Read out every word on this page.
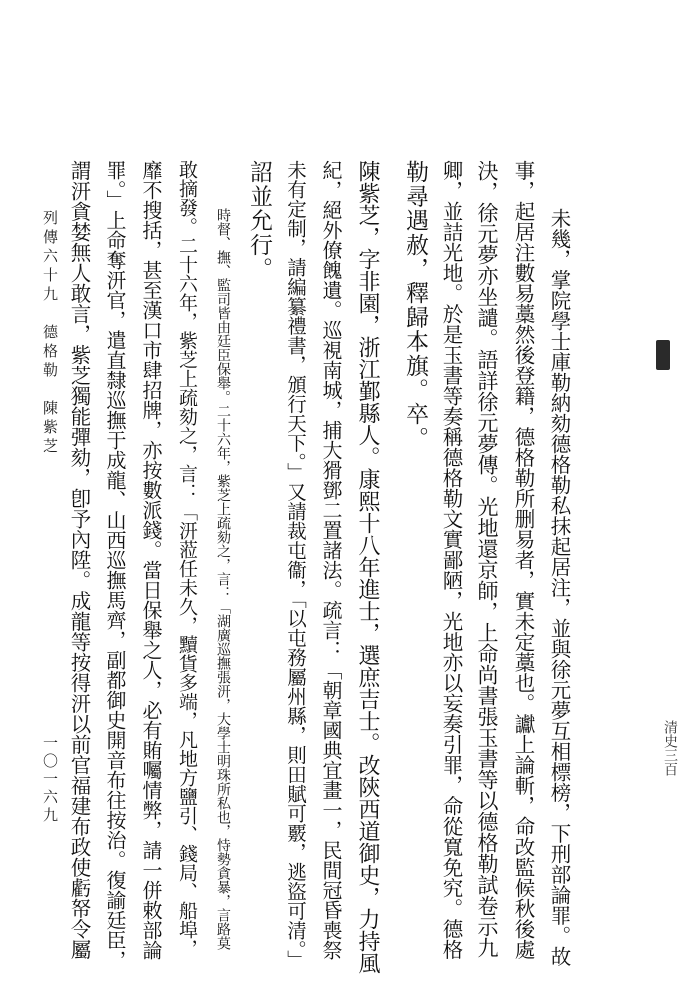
未幾，掌院學士庫勒納劾德格勒私抹起居注，並與徐元夢互相標榜，下刑部論罪。故
事，起居注數易藁然後登籍，德格勒所删易者，實未定藁也。讞上論斬，命改監候秋後處
決，徐元夢亦坐譴。語詳徐元夢傳。光地還京師，上命尚書張玉書等以德格勒試卷示九
卿，並詰光地。於是玉書等奏稱德格勒文實鄙陋，光地亦以妄奏引罪，命從寬免究。德格
勒尋遇赦，釋歸本旗。卒。
陳紫芝，字非園，浙江鄞縣人。康熙十八年進士，選庶吉士。改陝西道御史，力持風
紀，絕外僚餽遺。巡視南城，捕大猾鄧二置諸法。疏言：「朝章國典宜畫一，民間冠昏喪祭
未有定制，請編纂禮書，頒行天下。」又請裁屯衞，「以屯務屬州縣，則田賦可覈，逃盜可清。」
詔並允行。
時督、撫、監司皆由廷臣保舉。二十六年，紫芝上疏劾之，言：「湖廣巡撫張汧，大學士明珠所私也，恃勢貪暴，言路莫
敢摘發。二十六年，紫芝上疏劾之，言：「汧蒞任未久，黷貨多端，凡地方鹽引、錢局、船埠，
靡不搜括，甚至漢口市肆招牌，亦按數派錢。當日保舉之人，必有賄囑情弊，請一併敕部論
罪。」上命奪汧官，遣直隸巡撫于成龍、山西巡撫馬齊，副都御史開音布往按治。復諭廷臣，
謂汧貪婪無人敢言，紫芝獨能彈劾，卽予內陞。成龍等按得汧以前官福建布政使虧帑令屬
列傳六十九　德格勒　陳紫芝
一〇一六九	清史三百
